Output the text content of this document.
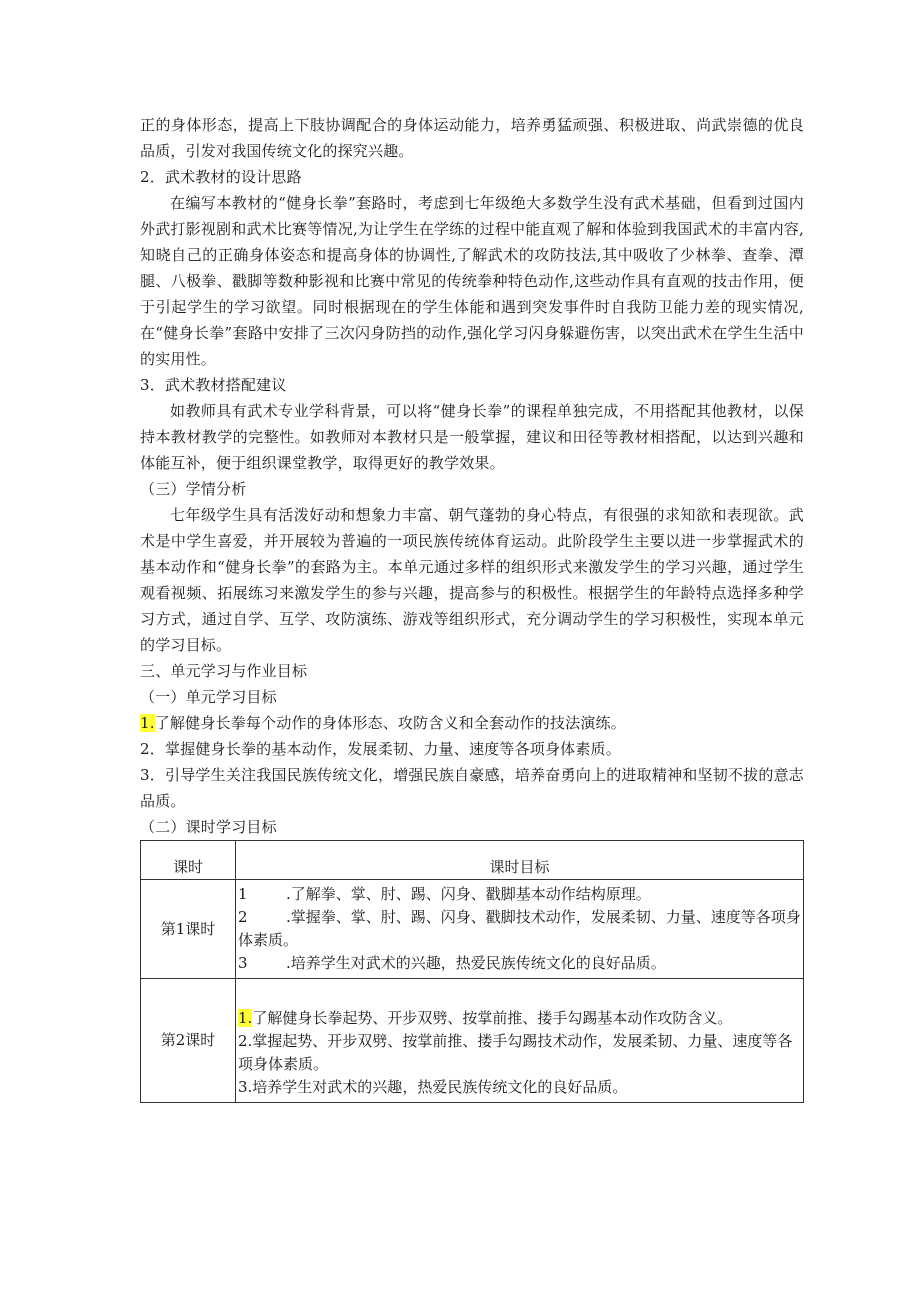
正的身体形态，提高上下肢协调配合的身体运动能力，培养勇猛顽强、积极进取、尚武崇德的优良品质，引发对我国传统文化的探究兴趣。

2．武术教材的设计思路

在编写本教材的“健身长拳”套路时，考虑到七年级绝大多数学生没有武术基础，但看到过国内外武打影视剧和武术比赛等情况,为让学生在学练的过程中能直观了解和体验到我国武术的丰富内容,知晓自己的正确身体姿态和提高身体的协调性,了解武术的攻防技法,其中吸收了少林拳、查拳、潭腿、八极拳、戳脚等数种影视和比赛中常见的传统拳种特色动作,这些动作具有直观的技击作用，便于引起学生的学习欲望。同时根据现在的学生体能和遇到突发事件时自我防卫能力差的现实情况,在“健身长拳”套路中安排了三次闪身防挡的动作,强化学习闪身躲避伤害，以突出武术在学生生活中的实用性。

3．武术教材搭配建议

如教师具有武术专业学科背景，可以将“健身长拳”的课程单独完成，不用搭配其他教材，以保持本教材教学的完整性。如教师对本教材只是一般掌握，建议和田径等教材相搭配，以达到兴趣和体能互补，便于组织课堂教学，取得更好的教学效果。

（三）学情分析

七年级学生具有活泼好动和想象力丰富、朝气蓬勃的身心特点，有很强的求知欲和表现欲。武术是中学生喜爱，并开展较为普遍的一项民族传统体育运动。此阶段学生主要以进一步掌握武术的基本动作和“健身长拳”的套路为主。本单元通过多样的组织形式来激发学生的学习兴趣，通过学生观看视频、拓展练习来激发学生的参与兴趣，提高参与的积极性。根据学生的年龄特点选择多种学习方式，通过自学、互学、攻防演练、游戏等组织形式，充分调动学生的学习积极性，实现本单元的学习目标。

三、单元学习与作业目标

（一）单元学习目标

1.了解健身长拳每个动作的身体形态、攻防含义和全套动作的技法演练。

2．掌握健身长拳的基本动作，发展柔韧、力量、速度等各项身体素质。

3．引导学生关注我国民族传统文化，增强民族自豪感，培养奋勇向上的进取精神和坚韧不拔的意志品质。

（二）课时学习目标

课时	课时目标
第1课时	1 .了解拳、掌、肘、踢、闪身、戳脚基本动作结构原理。
2 .掌握拳、掌、肘、踢、闪身、戳脚技术动作，发展柔韧、力量、速度等各项身体素质。
3 .培养学生对武术的兴趣，热爱民族传统文化的良好品质。

第2课时	1.了解健身长拳起势、开步双劈、按掌前推、搂手勾踢基本动作攻防含义。
2.掌握起势、开步双劈、按掌前推、搂手勾踢技术动作，发展柔韧、力量、速度等各项身体素质。
3.培养学生对武术的兴趣，热爱民族传统文化的良好品质。
